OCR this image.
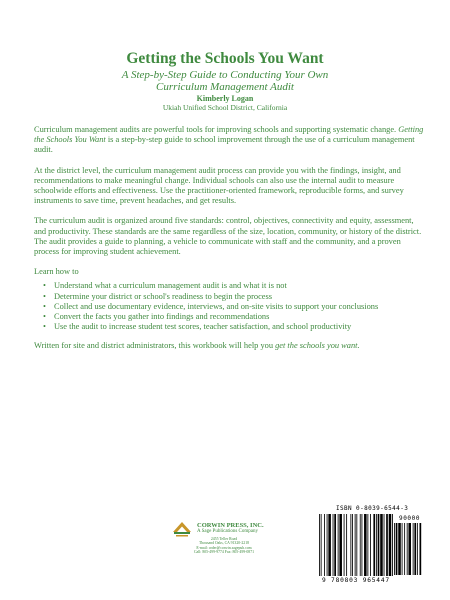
Getting the Schools You Want
A Step-by-Step Guide to Conducting Your Own
Curriculum Management Audit
Kimberly Logan
Ukiah Unified School District, California

Curriculum management audits are powerful tools for improving schools and supporting systematic change. Getting the Schools You Want is a step-by-step guide to school improvement through the use of a curriculum management audit.

At the district level, the curriculum management audit process can provide you with the findings, insight, and recommendations to make meaningful change. Individual schools can also use the internal audit to measure schoolwide efforts and effectiveness. Use the practitioner-oriented framework, reproducible forms, and survey instruments to save time, prevent headaches, and get results.

The curriculum audit is organized around five standards: control, objectives, connectivity and equity, assessment, and productivity. These standards are the same regardless of the size, location, community, or history of the district. The audit provides a guide to planning, a vehicle to communicate with staff and the community, and a proven process for improving student achievement.

Learn how to

• Understand what a curriculum management audit is and what it is not
• Determine your district or school's readiness to begin the process
• Collect and use documentary evidence, interviews, and on-site visits to support your conclusions
• Convert the facts you gather into findings and recommendations
• Use the audit to increase student test scores, teacher satisfaction, and school productivity

Written for site and district administrators, this workbook will help you get the schools you want.

CORWIN PRESS, INC.
A Sage Publications Company
2455 Teller Road
Thousand Oaks, CA 91320-2218
E-mail: order@corwin.sagepub.com
Call: 805-499-9774 Fax: 805-499-0871
ISBN 0-8039-6544-3
90000
9 780803 965447
